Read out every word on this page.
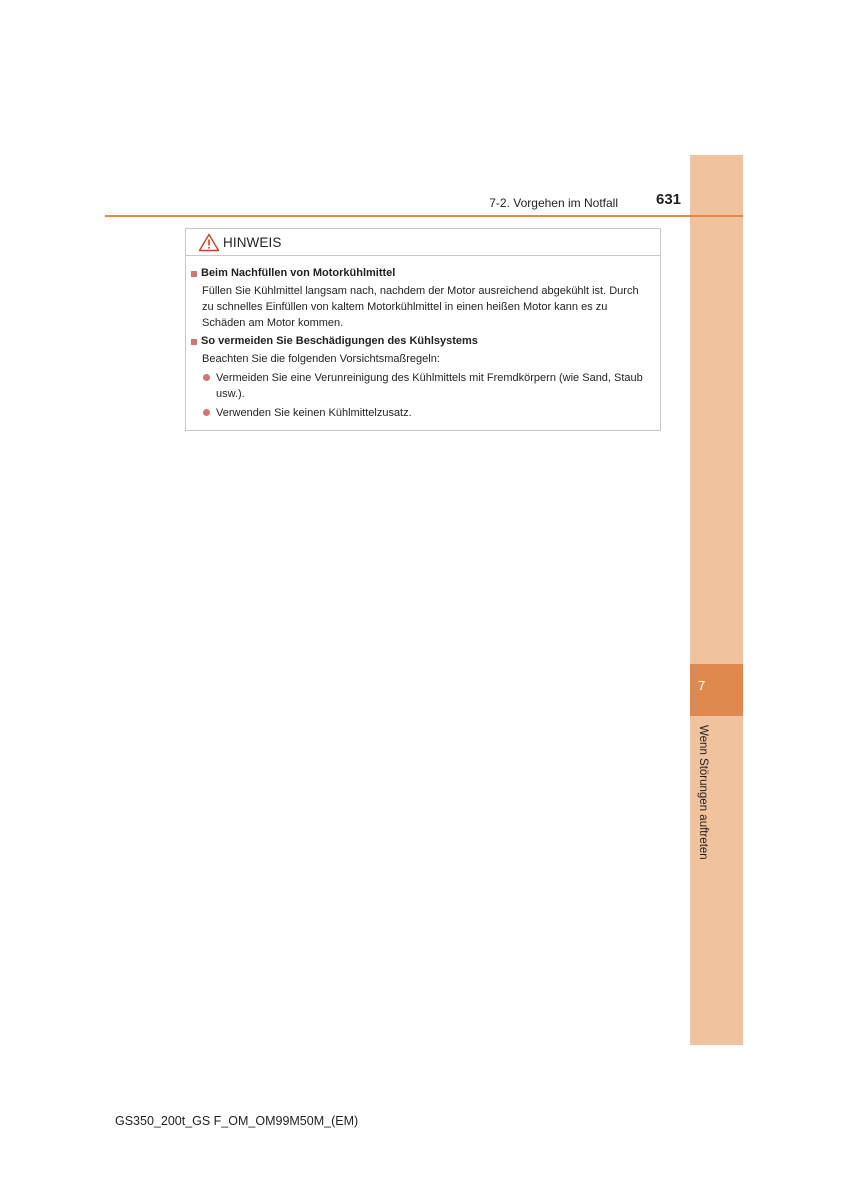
7
Wenn Störungen auftreten
7-2. Vorgehen im Notfall	631
HINWEIS
Beim Nachfüllen von Motorkühlmittel

Füllen Sie Kühlmittel langsam nach, nachdem der Motor ausreichend abgekühlt ist. Durch zu schnelles Einfüllen von kaltem Motorkühlmittel in einen heißen Motor kann es zu Schäden am Motor kommen.

So vermeiden Sie Beschädigungen des Kühlsystems

Beachten Sie die folgenden Vorsichtsmaßregeln:

Vermeiden Sie eine Verunreinigung des Kühlmittels mit Fremdkörpern (wie Sand, Staub usw.).
Verwenden Sie keinen Kühlmittelzusatz.
GS350_200t_GS F_OM_OM99M50M_(EM)
